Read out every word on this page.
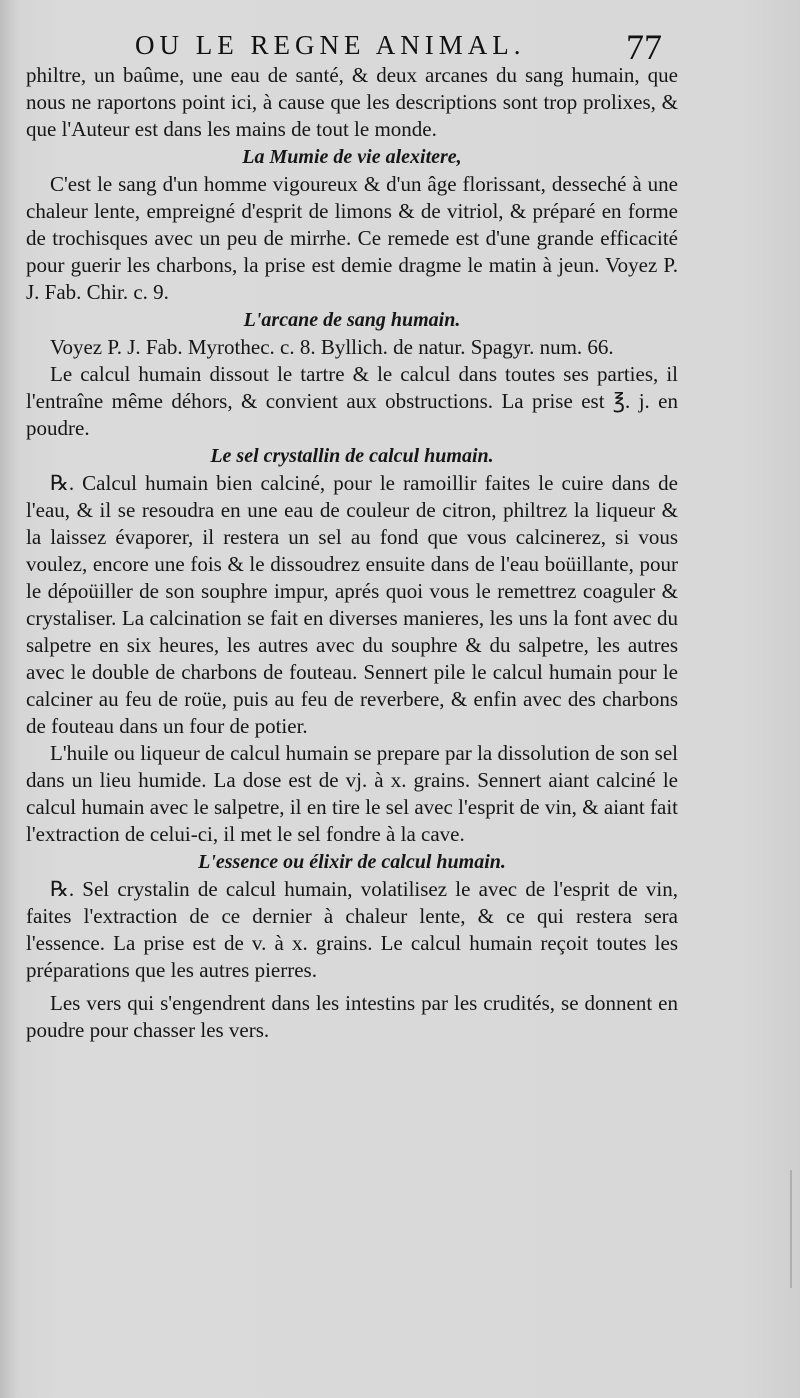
OU LE REGNE ANIMAL.	77

philtre, un baûme, une eau de santé, & deux arcanes du sang humain, que nous ne raportons point ici, à cause que les descriptions sont trop prolixes, & que l'Auteur est dans les mains de tout le monde.

La Mumie de vie alexitere,

C'est le sang d'un homme vigoureux & d'un âge florissant, desseché à une chaleur lente, empreigné d'esprit de limons & de vitriol, & préparé en forme de trochisques avec un peu de mirrhe. Ce remede est d'une grande efficacité pour guerir les charbons, la prise est demie dragme le matin à jeun. Voyez P. J. Fab. Chir. c. 9.

L'arcane de sang humain.

Voyez P. J. Fab. Myrothec. c. 8. Byllich. de natur. Spagyr. num. 66.

Le calcul humain dissout le tartre & le calcul dans toutes ses parties, il l'entraîne même déhors, & convient aux obstructions. La prise est ℥. j. en poudre.

Le sel crystallin de calcul humain.

℞. Calcul humain bien calciné, pour le ramoillir faites le cuire dans de l'eau, & il se resoudra en une eau de couleur de citron, philtrez la liqueur & la laissez évaporer, il restera un sel au fond que vous calcinerez, si vous voulez, encore une fois & le dissoudrez ensuite dans de l'eau boüillante, pour le dépoüiller de son souphre impur, aprés quoi vous le remettrez coaguler & crystaliser. La calcination se fait en diverses manieres, les uns la font avec du salpetre en six heures, les autres avec du souphre & du salpetre, les autres avec le double de charbons de fouteau. Sennert pile le calcul humain pour le calciner au feu de roüe, puis au feu de reverbere, & enfin avec des charbons de fouteau dans un four de potier.

L'huile ou liqueur de calcul humain se prepare par la dissolution de son sel dans un lieu humide. La dose est de vj. à x. grains. Sennert aiant calciné le calcul humain avec le salpetre, il en tire le sel avec l'esprit de vin, & aiant fait l'extraction de celui-ci, il met le sel fondre à la cave.

L'essence ou élixir de calcul humain.

℞. Sel crystalin de calcul humain, volatilisez le avec de l'esprit de vin, faites l'extraction de ce dernier à chaleur lente, & ce qui restera sera l'essence. La prise est de v. à x. grains. Le calcul humain reçoit toutes les préparations que les autres pierres.

Les vers qui s'engendrent dans les intestins par les crudités, se donnent en poudre pour chasser les vers.
